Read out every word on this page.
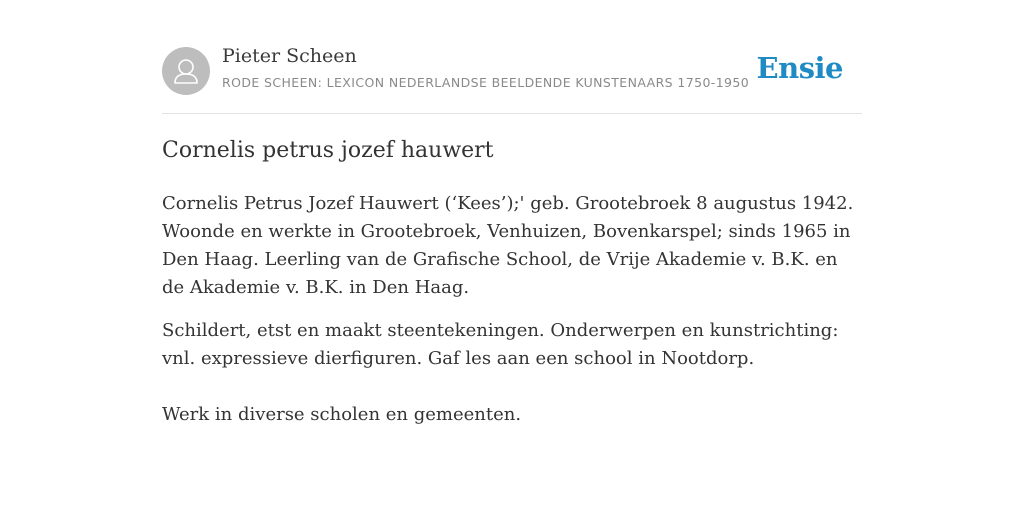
Pieter Scheen
RODE SCHEEN: LEXICON NEDERLANDSE BEELDENDE KUNSTENAARS 1750-1950 Ensie
Cornelis petrus jozef hauwert

Cornelis Petrus Jozef Hauwert (‘Kees’);' geb. Grootebroek 8 augustus 1942. Woonde en werkte in Grootebroek, Venhuizen, Bovenkarspel; sinds 1965 in Den Haag. Leerling van de Grafische School, de Vrije Akademie v. B.K. en de Akademie v. B.K. in Den Haag.

Schildert, etst en maakt steentekeningen. Onderwerpen en kunstrichting: vnl. expressieve dierfiguren. Gaf les aan een school in Nootdorp.

Werk in diverse scholen en gemeenten.
